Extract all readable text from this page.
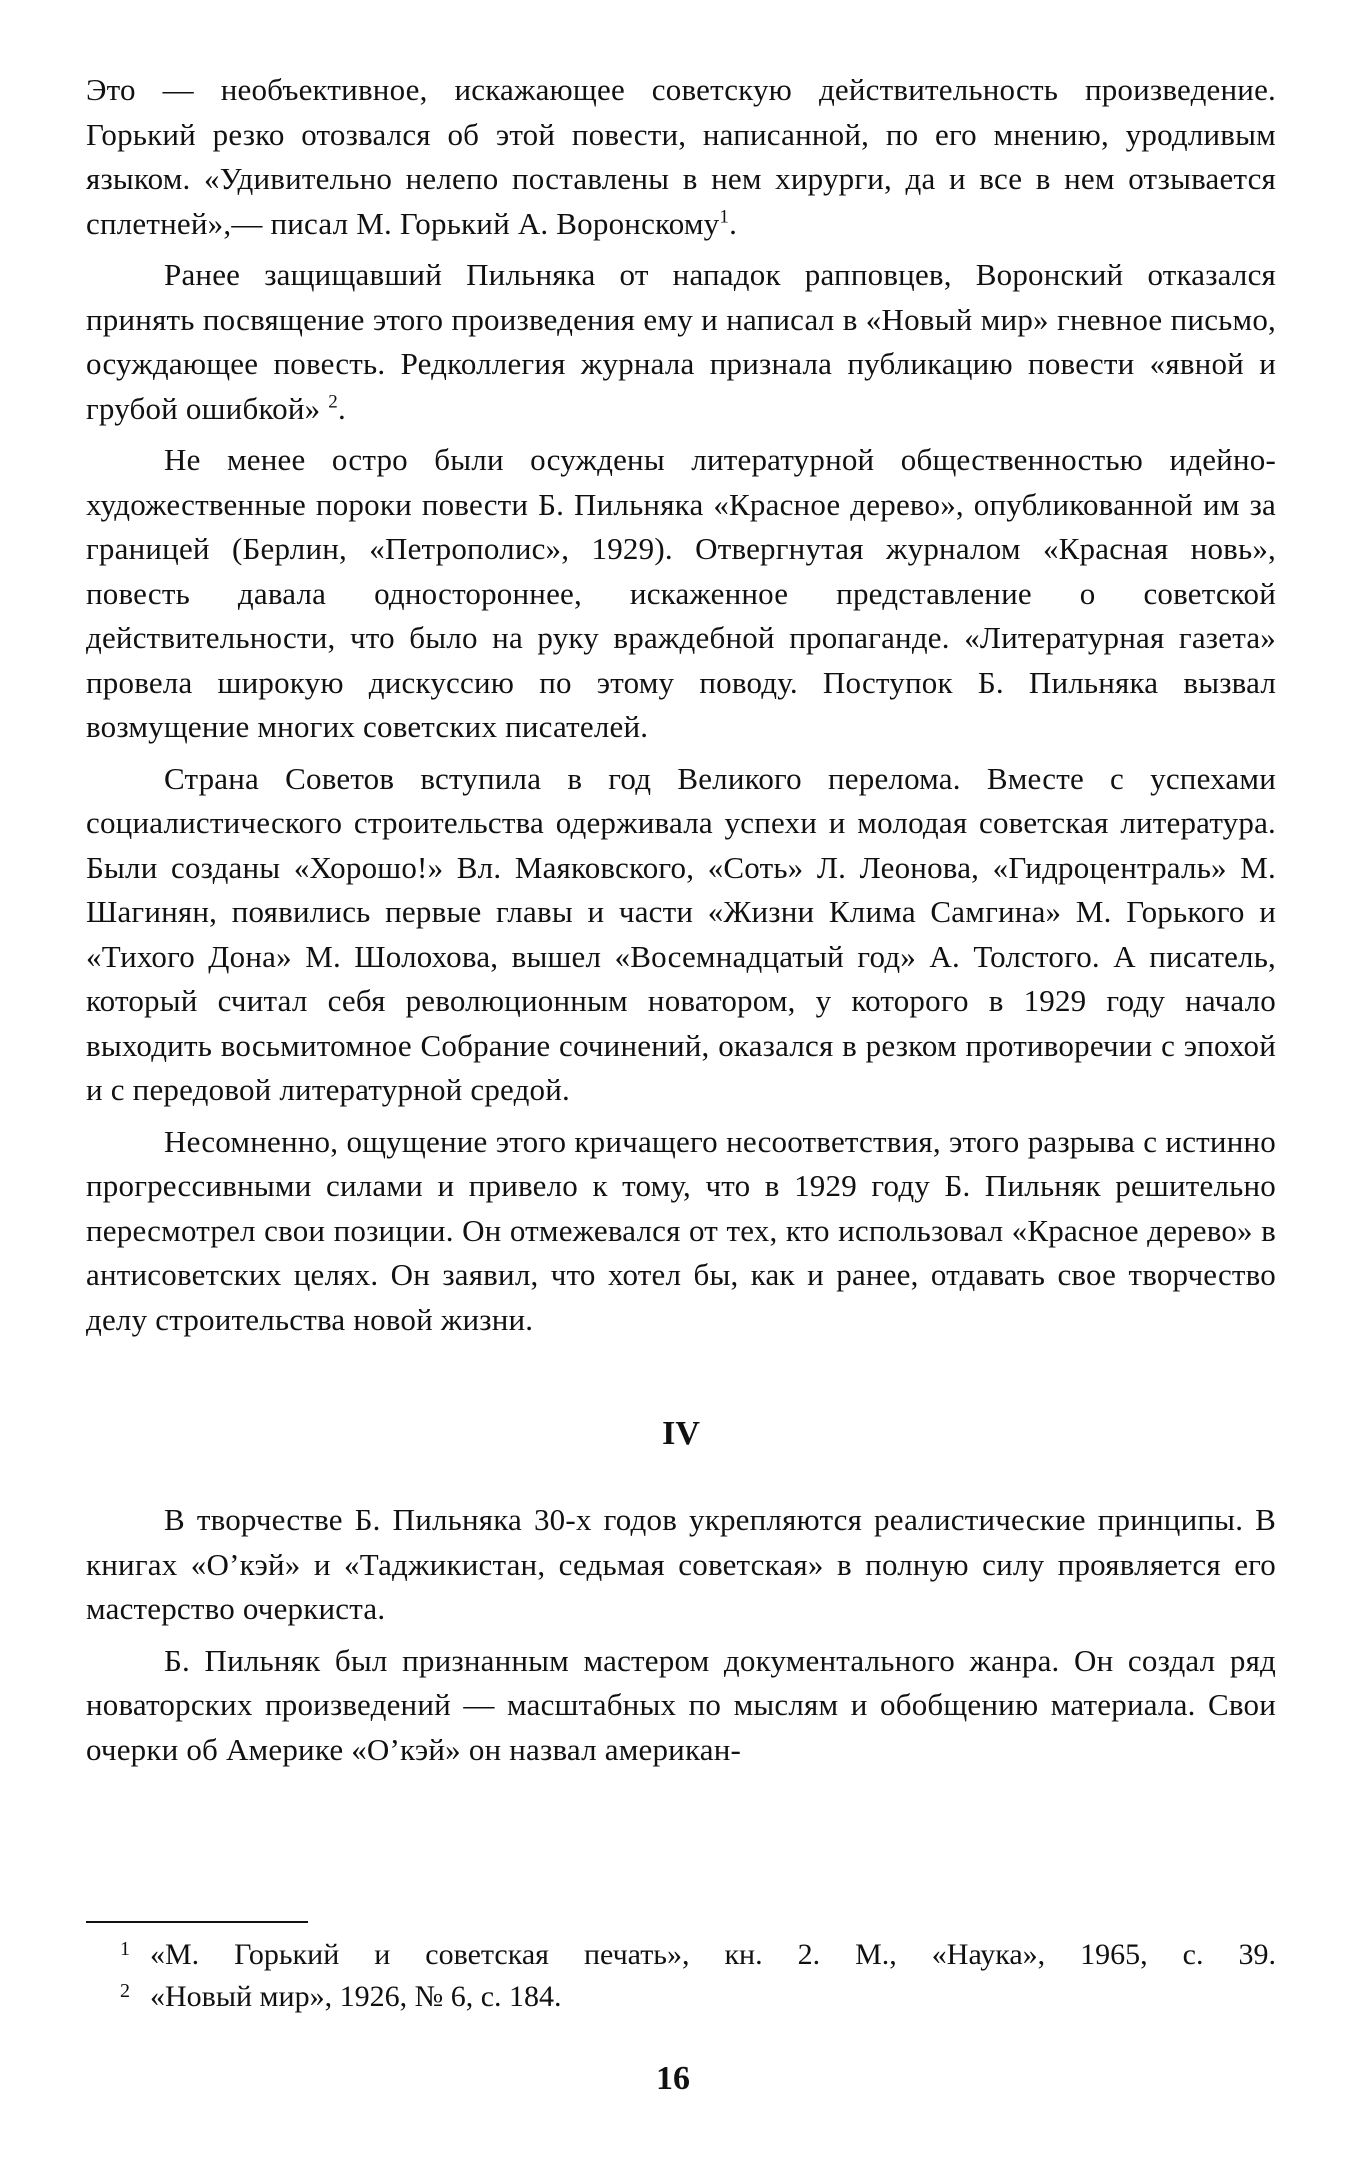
Это — необъективное, искажающее советскую действительность произведение. Горький резко отозвался об этой повести, написанной, по его мнению, уродливым языком. «Удивительно нелепо поставлены в нем хирурги, да и все в нем отзывается сплетней»,— писал М. Горький А. Воронскому$^1$.

Ранее защищавший Пильняка от нападок рапповцев, Воронский отказался принять посвящение этого произведения ему и написал в «Новый мир» гневное письмо, осуждающее повесть. Редколлегия журнала признала публикацию повести «явной и грубой ошибкой» $^2$.

Не менее остро были осуждены литературной общественностью идейно-художественные пороки повести Б. Пильняка «Красное дерево», опубликованной им за границей (Берлин, «Петрополис», 1929). Отвергнутая журналом «Красная новь», повесть давала одностороннее, искаженное представление о советской действительности, что было на руку враждебной пропаганде. «Литературная газета» провела широкую дискуссию по этому поводу. Поступок Б. Пильняка вызвал возмущение многих советских писателей.

Страна Советов вступила в год Великого перелома. Вместе с успехами социалистического строительства одерживала успехи и молодая советская литература. Были созданы «Хорошо!» Вл. Маяковского, «Соть» Л. Леонова, «Гидроцентраль» М. Шагинян, появились первые главы и части «Жизни Клима Самгина» М. Горького и «Тихого Дона» М. Шолохова, вышел «Восемнадцатый год» А. Толстого. А писатель, который считал себя революционным новатором, у которого в 1929 году начало выходить восьмитомное Собрание сочинений, оказался в резком противоречии с эпохой и с передовой литературной средой.

Несомненно, ощущение этого кричащего несоответствия, этого разрыва с истинно прогрессивными силами и привело к тому, что в 1929 году Б. Пильняк решительно пересмотрел свои позиции. Он отмежевался от тех, кто использовал «Красное дерево» в антисоветских целях. Он заявил, что хотел бы, как и ранее, отдавать свое творчество делу строительства новой жизни.

IV

В творчестве Б. Пильняка 30-х годов укрепляются реалистические принципы. В книгах «О’кэй» и «Таджикистан, седьмая советская» в полную силу проявляется его мастерство очеркиста.

Б. Пильняк был признанным мастером документального жанра. Он создал ряд новаторских произведений — масштабных по мыслям и обобщению материала. Свои очерки об Америке «О’кэй» он назвал американ-

1 «М. Горький и советская печать», кн. 2. М., «Наука», 1965, с. 39.

2 «Новый мир», 1926, № 6, с. 184.

16
